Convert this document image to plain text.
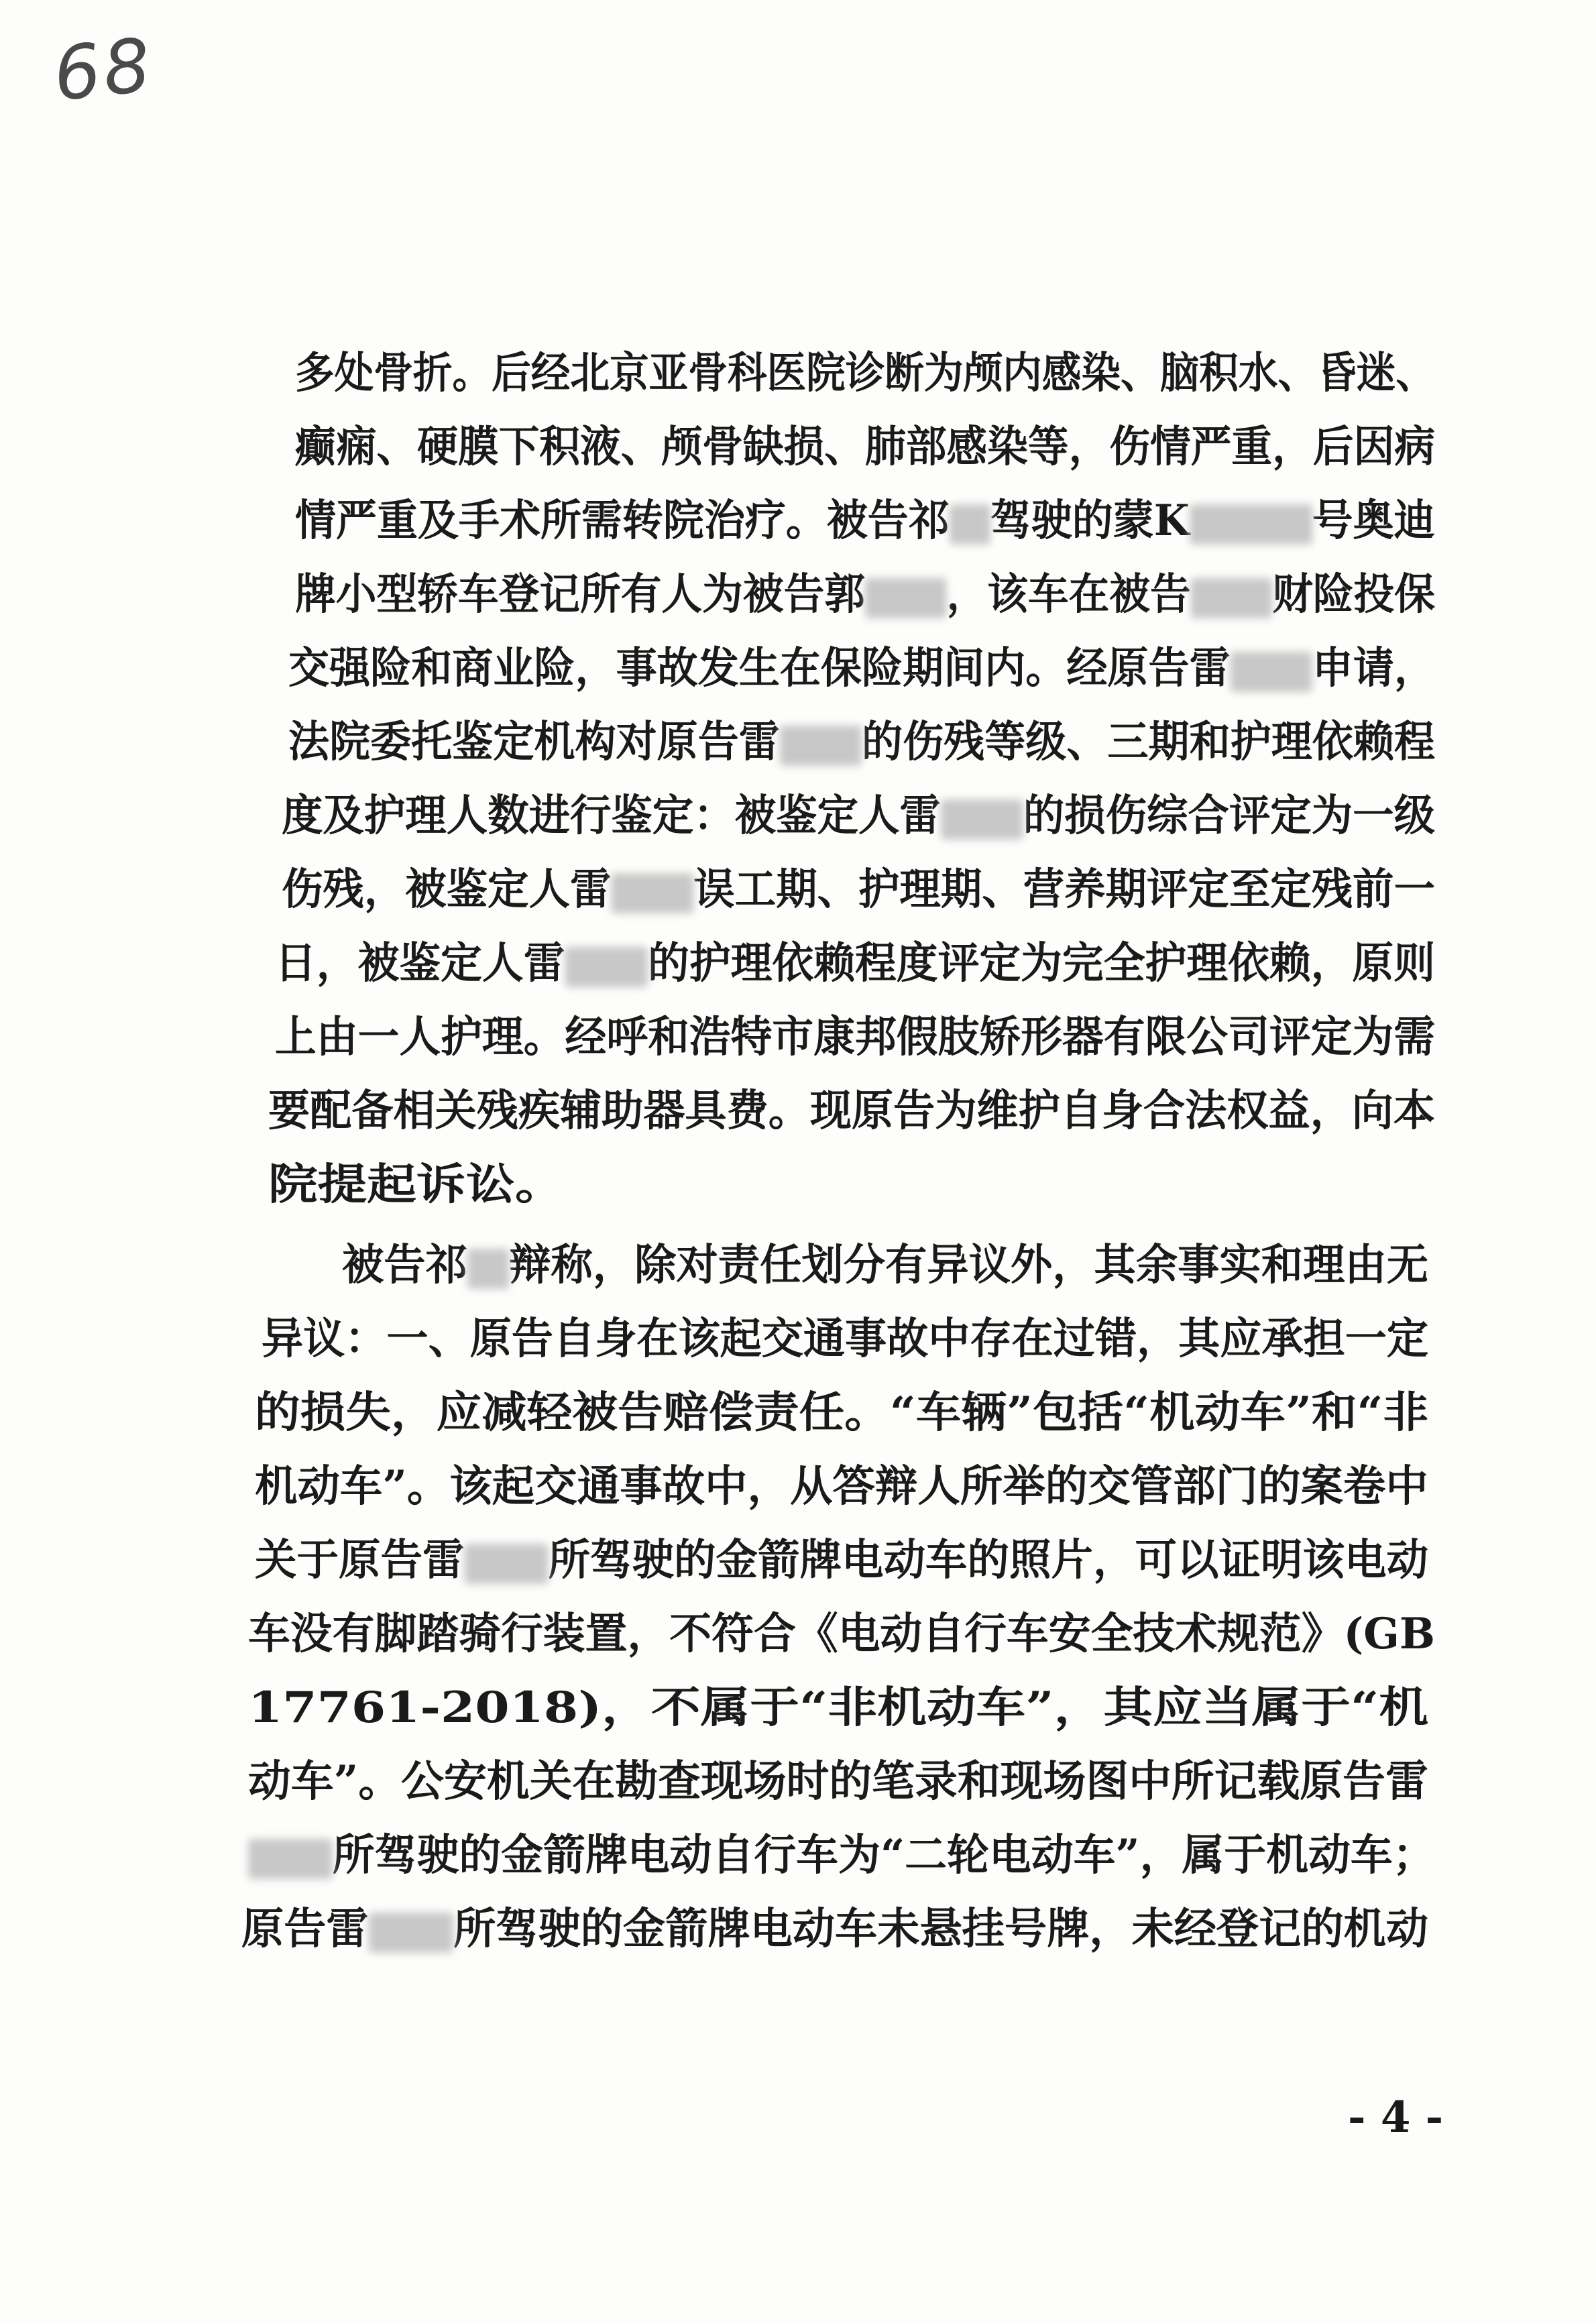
68
多处骨折。后经北京亚骨科医院诊断为颅内感染、脑积水、昏迷、
癫痫、硬膜下积液、颅骨缺损、肺部感染等，伤情严重，后因病
情严重及手术所需转院治疗。被告祁 驾驶的蒙K	号奥迪
牌小型轿车登记所有人为被告郭 ，该车在被告 财险投保
交强险和商业险，事故发生在保险期间内。经原告雷 申请，
法院委托鉴定机构对原告雷 的伤残等级、三期和护理依赖程
度及护理人数进行鉴定：被鉴定人雷 的损伤综合评定为一级
伤残，被鉴定人雷 误工期、护理期、营养期评定至定残前一
日，被鉴定人雷 的护理依赖程度评定为完全护理依赖，原则
上由一人护理。经呼和浩特市康邦假肢矫形器有限公司评定为需
要配备相关残疾辅助器具费。现原告为维护自身合法权益，向本
院提起诉讼。
被告祁 辩称，除对责任划分有异议外，其余事实和理由无
异议：一、原告自身在该起交通事故中存在过错，其应承担一定
的损失，应减轻被告赔偿责任。“车辆”包括“机动车”和“非
机动车”。该起交通事故中，从答辩人所举的交管部门的案卷中
关于原告雷 所驾驶的金箭牌电动车的照片，可以证明该电动
车没有脚踏骑行装置，不符合《电动自行车安全技术规范》(GB
17761-2018)，不属于“非机动车”，其应当属于“机
动车”。公安机关在勘查现场时的笔录和现场图中所记载原告雷
所驾驶的金箭牌电动自行车为“二轮电动车”，属于机动车；
原告雷 所驾驶的金箭牌电动车未悬挂号牌，未经登记的机动
- 4 -
